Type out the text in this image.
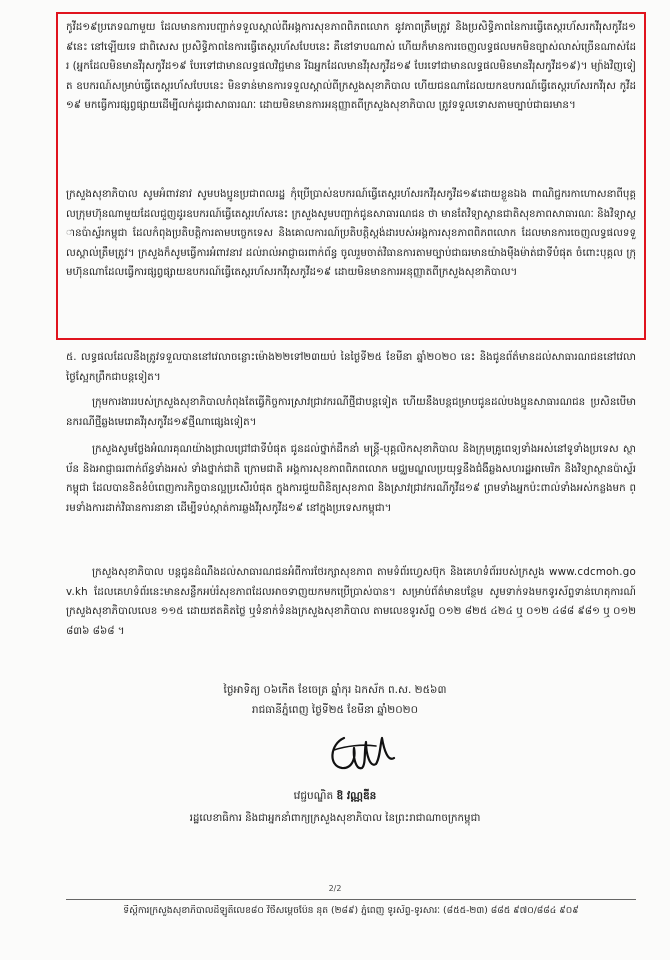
កូវីដ១៩ប្រភេទណាមួយ ដែលមានការបញ្ជាក់ទទួលស្គាល់ពីអង្គការសុខភាពពិភពលោក នូវភាពត្រឹមត្រូវ និងប្រសិទ្ធិភាពនៃការធ្វើតេស្តរហ័សរកវីរុសកូវីដ១៩នេះ នៅឡើយទេ ជាពិសេស ប្រសិទ្ធិភាពនៃការធ្វើតេស្តរហ័សបែបនេះ គឺនៅទាបណាស់ ហើយក៏មានការចេញលទ្ធផលមកមិនច្បាស់លាស់ច្រើនណាស់ដែរ (អ្នកដែលមិនមានវីរុសកូវីដ១៩ បែរទៅជាមានលទ្ធផលវិជ្ជមាន រីឯអ្នកដែលមានវីរុសកូវីដ១៩ បែរទៅជាមានលទ្ធផលមិនមានវីរុសកូវីដ១៩)។ ម្យ៉ាងវិញទៀត ឧបករណ៍សម្រាប់ធ្វើតេស្តរហ័សបែបនេះ មិនទាន់មានការទទួលស្គាល់ពីក្រសួងសុខាភិបាល ហើយជនណាដែលយកឧបករណ៍ធ្វើតេស្តរហ័សរកវីរុស កូវីដ១៩ មកធ្វើការផ្សព្វផ្សាយដើម្បីលក់ដូរជាសាធារណៈ ដោយមិនមានការអនុញ្ញាតពីក្រសួងសុខាភិបាល ត្រូវទទួលទោសតាមច្បាប់ជាធរមាន។
ក្រសួងសុខាភិបាល សូមអំពាវនាវ សូមបងប្អូនប្រជាពលរដ្ឋ កុំប្រើប្រាស់ឧបករណ៍ធ្វើតេស្តរហ័សរកវីរុសកូវីដ១៩ដោយខ្លួនឯង ពាណិជ្ជករកាហោសនាពីបុគ្គលក្រុមហ៊ុនណាមួយដែលជួញដូរឧបករណ៍ធ្វើតេស្តរហ័សនេះ ក្រសួងសូមបញ្ជាក់ជូនសាធារណជន ថា មានតែវិទ្យាស្ថានជាតិសុខភាពសាធារណៈ និងវិទ្យាស្ថានប៉ាស្ទ័រកម្ពុជា ដែលកំពុងប្រតិបត្តិការតាមបច្ចេកទេស និងគោលការណ៍ប្រតិបត្តិស្តង់ដារបស់អង្គការសុខភាពពិភពលោក ដែលមានការចេញលទ្ធផលទទួលស្គាល់ត្រឹមត្រូវ។ ក្រសួងក៏សូមធ្វើការអំពាវនាវ ដល់រាល់អាជ្ញាធរពាក់ព័ន្ធ ចូលរួមចាត់វិធានការតាមច្បាប់ជាធរមានយ៉ាងម៉ឺងម៉ាត់ជាទីបំផុត ចំពោះបុគ្គល ក្រុមហ៊ុនណាដែលធ្វើការផ្សព្វផ្សាយឧបករណ៍ធ្វើតេស្តរហ័សរកវីរុសកូវីដ១៩ ដោយមិនមានការអនុញ្ញាតពីក្រសួងសុខាភិបាល។
៥. លទ្ធផលដែលនឹងត្រូវទទួលបាននៅវេលាចន្លោះម៉ោង២២ទៅ២៣យប់ នៃថ្ងៃទី២៥ ខែមីនា ឆ្នាំ២០២០ នេះ និងជូនព័ត៌មានដល់សាធារណជននៅវេលាថ្ងៃស្អែកព្រឹកជាបន្តទៀត។
ក្រុមការងាររបស់ក្រសួងសុខាភិបាលកំពុងតែធ្វើកិច្ចការស្រាវជ្រាវករណីថ្មីជាបន្តទៀត ហើយនឹងបន្តជម្រាបជូនដល់បងប្អូនសាធារណជន ប្រសិនបើមានករណីថ្មីឆ្លងមេរោគវីរុសកូវីដ១៩ថ្មីណាផ្សេងទៀត។
ក្រសួងសូមថ្លែងអំណរគុណយ៉ាងជ្រាលជ្រៅជាទីបំផុត ជូនដល់ថ្នាក់ដឹកនាំ មន្ត្រី-បុគ្គលិកសុខាភិបាល និងក្រុមគ្រូពេទ្យទាំងអស់នៅទូទាំងប្រទេស ស្ថាប័ន និងអាជ្ញាធរពាក់ព័ន្ធទាំងអស់ ទាំងថ្នាក់ជាតិ ក្រោមជាតិ អង្គការសុខភាពពិភពលោក មជ្ឈមណ្ឌលប្រយុទ្ធនឹងជំងឺឆ្លងសហរដ្ឋអាមេរិក និងវិទ្យាស្ថានប៉ាស្ទ័រកម្ពុជា ដែលបានខិតខំបំពេញការកិច្ចបានល្អប្រសើរបំផុត ក្នុងការជួយពិនិត្យសុខភាព និងស្រាវជ្រាវករណីកូវីដ១៩ ព្រមទាំងអ្នកប៉ះពាល់ទាំងអស់កន្លងមក ព្រមទាំងការដាក់វិធានការនានា ដើម្បីទប់ស្កាត់ការឆ្លងវីរុសកូវីដ១៩ នៅក្នុងប្រទេសកម្ពុជា។
ក្រសួងសុខាភិបាល បន្តជូនដំណឹងដល់សាធារណជនអំពីការថែរក្សាសុខភាព តាមទំព័រហ្វេសប៊ុក និងគេហទំព័ររបស់ក្រសួង www.cdcmoh.gov.kh ដែលគេហទំព័រនេះមានសន្លឹកអប់រំសុខភាពដែលអាចទាញយកមកប្រើប្រាស់បាន។ សម្រាប់ព័ត៌មានបន្ថែម សូមទាក់ទងមកទូរស័ព្ទទាន់ហេតុការណ៍ ក្រសួងសុខាភិបាលលេខ ១១៥ ដោយឥតគិតថ្លៃ ឬទំនាក់ទំនងក្រសួងសុខាភិបាល តាមលេខទូរស័ព្ទ ០១២ ៨២៥ ៤២៤ ឬ ០១២ ៤៨៨ ៩៨១ ឬ ០១២ ៨៣៦ ៨៦៨ ។
ថ្ងៃអាទិត្យ ០៦កើត ខែចេត្រ ឆ្នាំកុរ ឯកស័ក ព.ស. ២៥៦៣
រាជធានីភ្នំពេញ ថ្ងៃទី២៥ ខែមីនា ឆ្នាំ២០២០
វេជ្ជបណ្ឌិត ឱ វណ្ណឌីន
រដ្ឋលេខាធិការ និងជាអ្នកនាំពាក្យក្រសួងសុខាភិបាល នៃព្រះរាជាណាចក្រកម្ពុជា
2/2
ទីស្តីការក្រសួងសុខាភិបាលដីឡូតិ៍លេខ៨០ វិថីសម្តេចប៉ែន នុត (២៨៩) ភ្នំពេញ ទូរស័ព្ទ-ទូរសារៈ (៨៥៥-២៣) ៨៨៥ ៩៧០/៨៨៤ ៩០៩
